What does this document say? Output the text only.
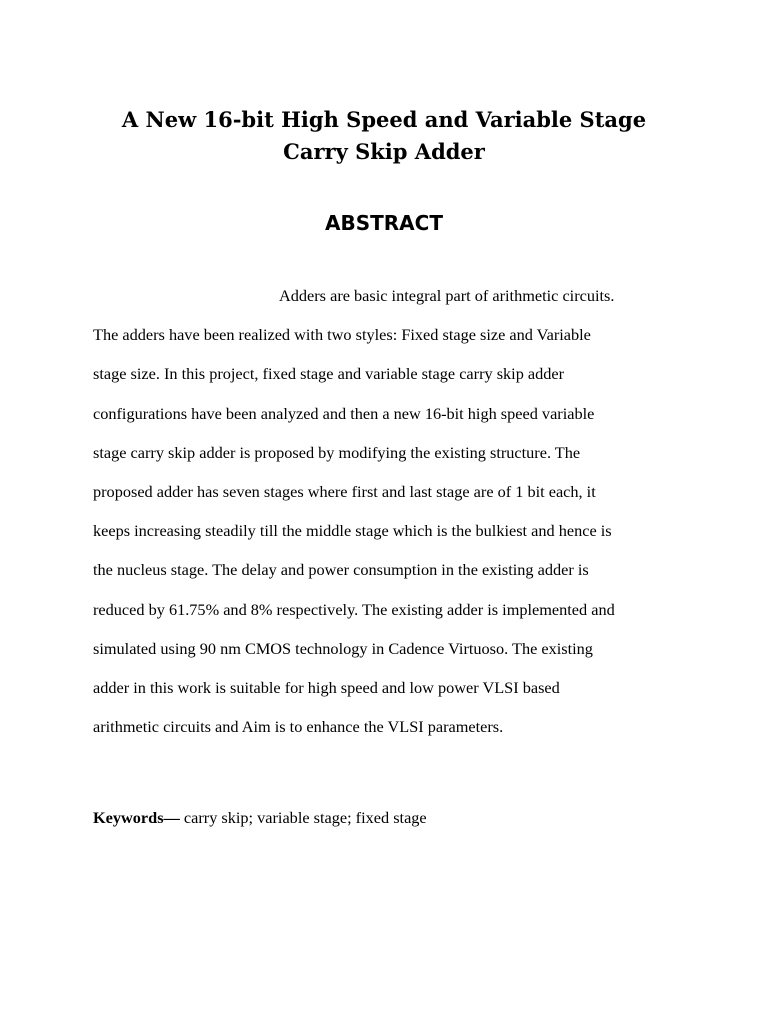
A New 16-bit High Speed and Variable Stage
Carry Skip Adder
ABSTRACT
Adders are basic integral part of arithmetic circuits.
The adders have been realized with two styles: Fixed stage size and Variable
stage size. In this project, fixed stage and variable stage carry skip adder
configurations have been analyzed and then a new 16-bit high speed variable
stage carry skip adder is proposed by modifying the existing structure. The
proposed adder has seven stages where first and last stage are of 1 bit each, it
keeps increasing steadily till the middle stage which is the bulkiest and hence is
the nucleus stage. The delay and power consumption in the existing adder is
reduced by 61.75% and 8% respectively. The existing adder is implemented and
simulated using 90 nm CMOS technology in Cadence Virtuoso. The existing
adder in this work is suitable for high speed and low power VLSI based
arithmetic circuits and Aim is to enhance the VLSI parameters.

Keywords— carry skip; variable stage; fixed stage
